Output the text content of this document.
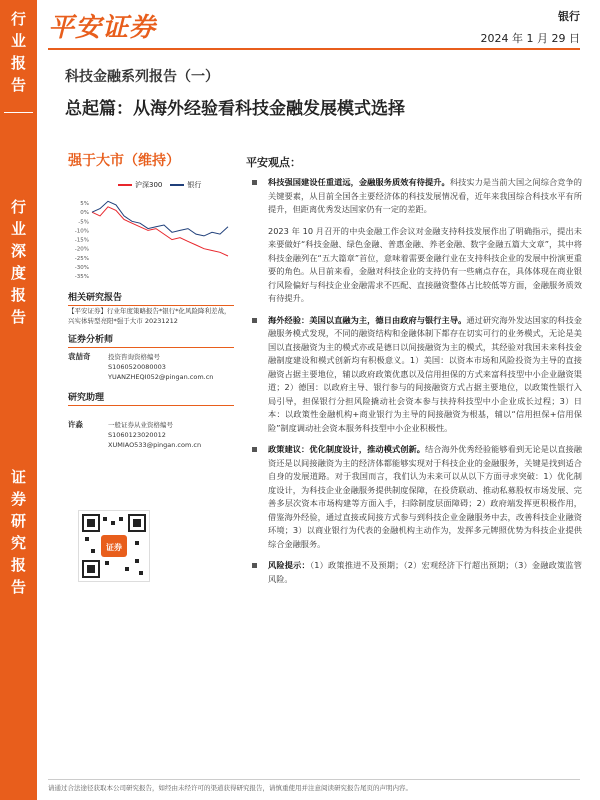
行
业
报
告
行
业
深
度
报
告
证
券
研
究
报
告
平安证券	银行
2024 年 1 月 29 日
科技金融系列报告（一）
总起篇：从海外经验看科技金融发展模式选择
强于大市（维持）
沪深300	银行
5%
0%
-5%
-10%
-15%
-20%
-25%
-30%
-35%
相关研究报告
【平安证券】行业年度策略报告*银行*化风险降利差战，兴实体转型亮阳*强于大市 20231212
证券分析师
袁喆奇	投资咨询资格编号
S1060520080003
YUANZHEQI052@pingan.com.cn
研究助理
许淼	一般证券从业资格编号
S1060123020012
XUMIAO533@pingan.com.cn
证券
平安观点：
科技强国建设任重道远，金融服务质效有待提升。科技实力是当前大国之间综合竞争的关键要素，从目前全国各主要经济体的科技发展情况看，近年来我国综合科技水平有所提升，但距离优秀发达国家仍有一定的差距。
2023 年 10 月召开的中央金融工作会议对金融支持科技发展作出了明确指示，提出未来要做好“科技金融、绿色金融、普惠金融、养老金融、数字金融五篇大文章”，其中将科技金融列在“五大篇章”首位，意味着需要金融行业在支持科技企业的发展中扮演更重要的角色。从目前来看，金融对科技企业的支持仍有一些痛点存在，具体体现在商业银行风险偏好与科技企业金融需求不匹配、直接融资整体占比较低等方面，金融服务质效有待提升。
海外经验：美国以直融为主，德日由政府与银行主导。通过研究海外发达国家的科技金融服务模式发现，不同的融资结构和金融体制下都存在切实可行的业务模式，无论是美国以直接融资为主的模式亦或是德日以间接融资为主的模式，其经验对我国未来科技金融制度建设和模式创新均有积极意义。1）美国：以资本市场和风险投资为主导的直接融资占据主要地位，辅以政府政策优惠以及信用担保的方式来富科技型中小企业融资渠道；2）德国：以政府主导、银行参与的间接融资方式占据主要地位，以政策性银行入局引导，担保银行分担风险撬动社会资本参与扶持科技型中小企业成长过程；3）日本：以政策性金融机构+商业银行为主导的间接融资为根基，辅以“信用担保+信用保险”制度调动社会资本服务科技型中小企业积极性。
政策建议：优化制度设计，推动模式创新。结合海外优秀经验能够看到无论是以直接融资还是以间接融资为主的经济体都能够实现对于科技企业的金融服务，关键是找到适合自身的发展道路。对于我国而言，我们认为未来可以从以下方面寻求突破：1）优化制度设计，为科技企业金融服务提供制度保障，在投贷联动、推动私募股权市场发展、完善多层次资本市场构建等方面入手，扫除制度层面障碍；2）政府端发挥更积极作用，借鉴海外经验，通过直接或间接方式参与到科技企业金融服务中去，改善科技企业融资环境；3）以商业银行为代表的金融机构主动作为，发挥多元牌照优势为科技企业提供综合金融服务。
风险提示：（1）政策推进不及预期；（2）宏观经济下行超出预期；（3）金融政策监管风险。
请通过合法途径获取本公司研究报告，如经由未经许可的渠道获得研究报告，请慎重使用并注意阅读研究报告尾页的声明内容。
